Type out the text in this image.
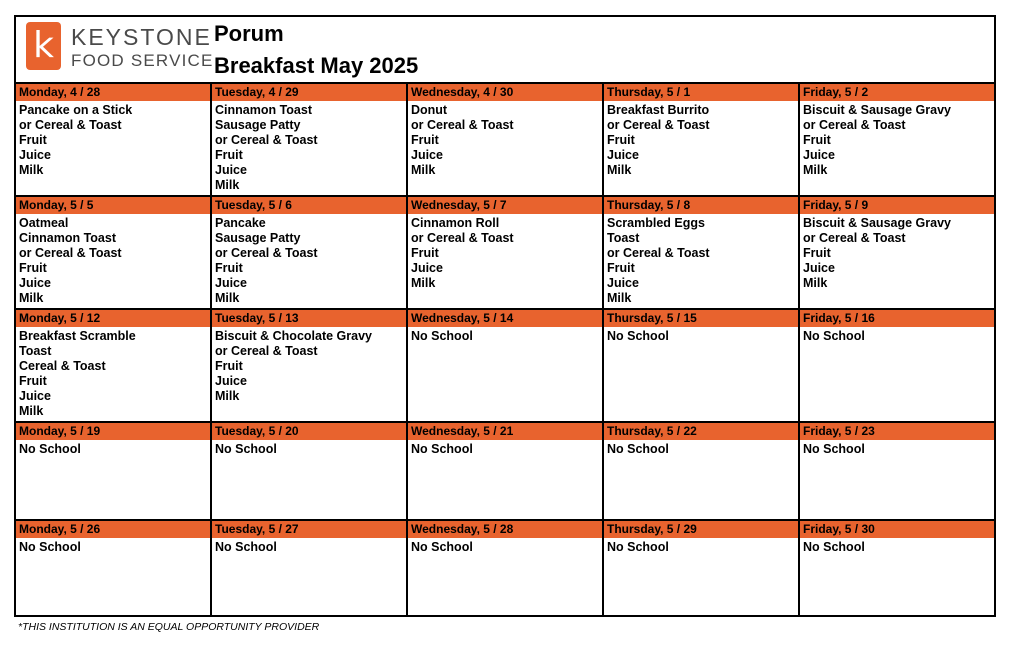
k KEYSTONE
FOOD SERVICE
Porum
Breakfast May 2025
Monday, 4 / 28
Pancake on a Stick
or Cereal & Toast
Fruit
Juice
Milk
Tuesday, 4 / 29
Cinnamon Toast
Sausage Patty
or Cereal & Toast
Fruit
Juice
Milk
Wednesday, 4 / 30
Donut
or Cereal & Toast
Fruit
Juice
Milk
Thursday, 5 / 1
Breakfast Burrito
or Cereal & Toast
Fruit
Juice
Milk
Friday, 5 / 2
Biscuit & Sausage Gravy
or Cereal & Toast
Fruit
Juice
Milk
Monday, 5 / 5
Oatmeal
Cinnamon Toast
or Cereal & Toast
Fruit
Juice
Milk
Tuesday, 5 / 6
Pancake
Sausage Patty
or Cereal & Toast
Fruit
Juice
Milk
Wednesday, 5 / 7
Cinnamon Roll
or Cereal & Toast
Fruit
Juice
Milk
Thursday, 5 / 8
Scrambled Eggs
Toast
or Cereal & Toast
Fruit
Juice
Milk
Friday, 5 / 9
Biscuit & Sausage Gravy
or Cereal & Toast
Fruit
Juice
Milk
Monday, 5 / 12
Breakfast Scramble
Toast
Cereal & Toast
Fruit
Juice
Milk
Tuesday, 5 / 13
Biscuit & Chocolate Gravy
or Cereal & Toast
Fruit
Juice
Milk
Wednesday, 5 / 14
No School
Thursday, 5 / 15
No School
Friday, 5 / 16
No School
Monday, 5 / 19
No School
Tuesday, 5 / 20
No School
Wednesday, 5 / 21
No School
Thursday, 5 / 22
No School
Friday, 5 / 23
No School
Monday, 5 / 26
No School
Tuesday, 5 / 27
No School
Wednesday, 5 / 28
No School
Thursday, 5 / 29
No School
Friday, 5 / 30
No School
*THIS INSTITUTION IS AN EQUAL OPPORTUNITY PROVIDER
